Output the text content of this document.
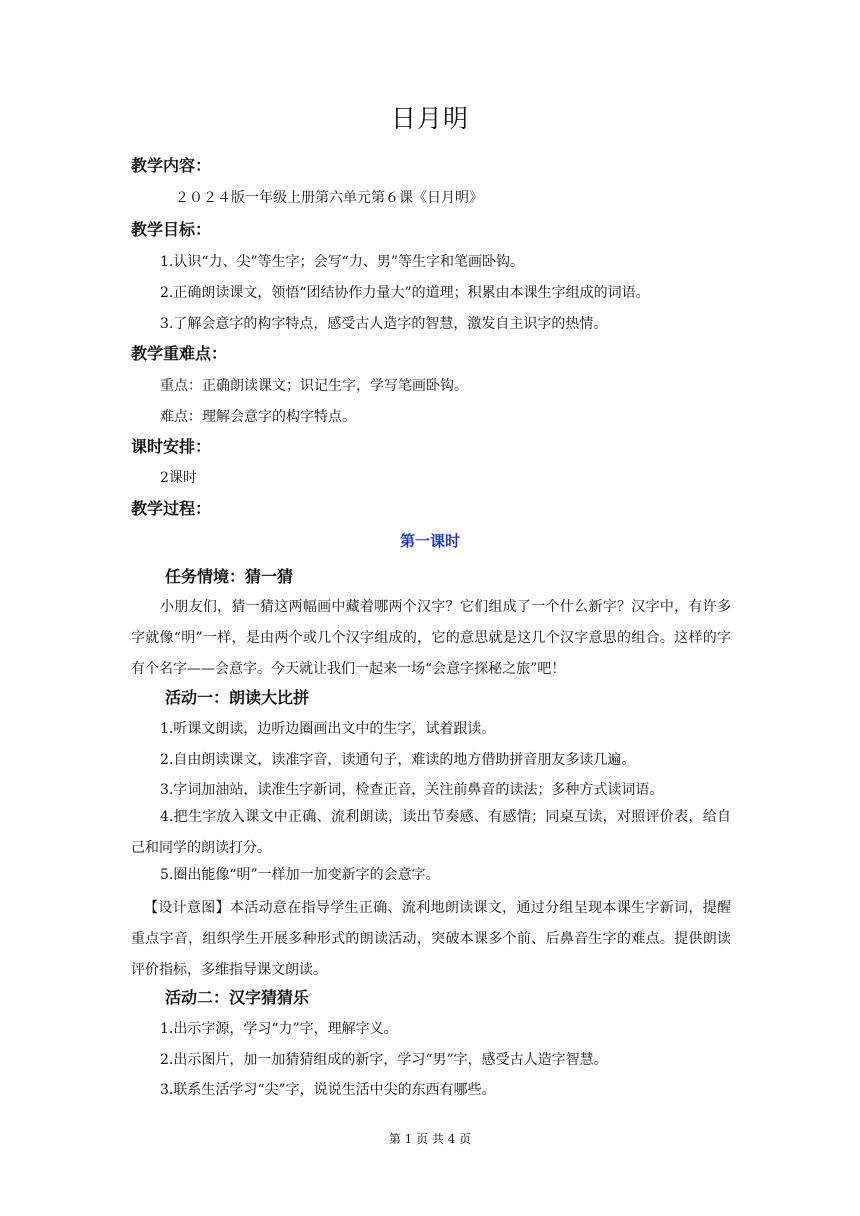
日月明
教学内容：
２０２４版一年级上册第六单元第６课《日月明》
教学目标：
1.认识“力、尖”等生字；会写“力、男”等生字和笔画卧钩。
2.正确朗读课文，领悟“团结协作力量大”的道理；积累由本课生字组成的词语。
3.了解会意字的构字特点，感受古人造字的智慧，激发自主识字的热情。
教学重难点：
重点：正确朗读课文；识记生字，学写笔画卧钩。
难点：理解会意字的构字特点。
课时安排：
2课时
教学过程：
第一课时
任务情境：猜一猜
小朋友们，猜一猜这两幅画中藏着哪两个汉字？它们组成了一个什么新字？汉字中，有许多字就像“明”一样，是由两个或几个汉字组成的，它的意思就是这几个汉字意思的组合。这样的字有个名字——会意字。今天就让我们一起来一场“会意字探秘之旅”吧！
活动一：朗读大比拼
1.听课文朗读，边听边圈画出文中的生字，试着跟读。
2.自由朗读课文，读准字音，读通句子，难读的地方借助拼音朋友多读几遍。
3.字词加油站，读准生字新词，检查正音，关注前鼻音的读法；多种方式读词语。
4.把生字放入课文中正确、流利朗读，读出节奏感、有感情；同桌互读，对照评价表，给自己和同学的朗读打分。
5.圈出能像“明”一样加一加变新字的会意字。
【设计意图】本活动意在指导学生正确、流利地朗读课文，通过分组呈现本课生字新词，提醒重点字音，组织学生开展多种形式的朗读活动，突破本课多个前、后鼻音生字的难点。提供朗读评价指标，多维指导课文朗读。
活动二：汉字猜猜乐
1.出示字源，学习“力”字，理解字义。
2.出示图片，加一加猜猜组成的新字，学习“男”字，感受古人造字智慧。
3.联系生活学习“尖”字，说说生活中尖的东西有哪些。
第 1 页 共 4 页
